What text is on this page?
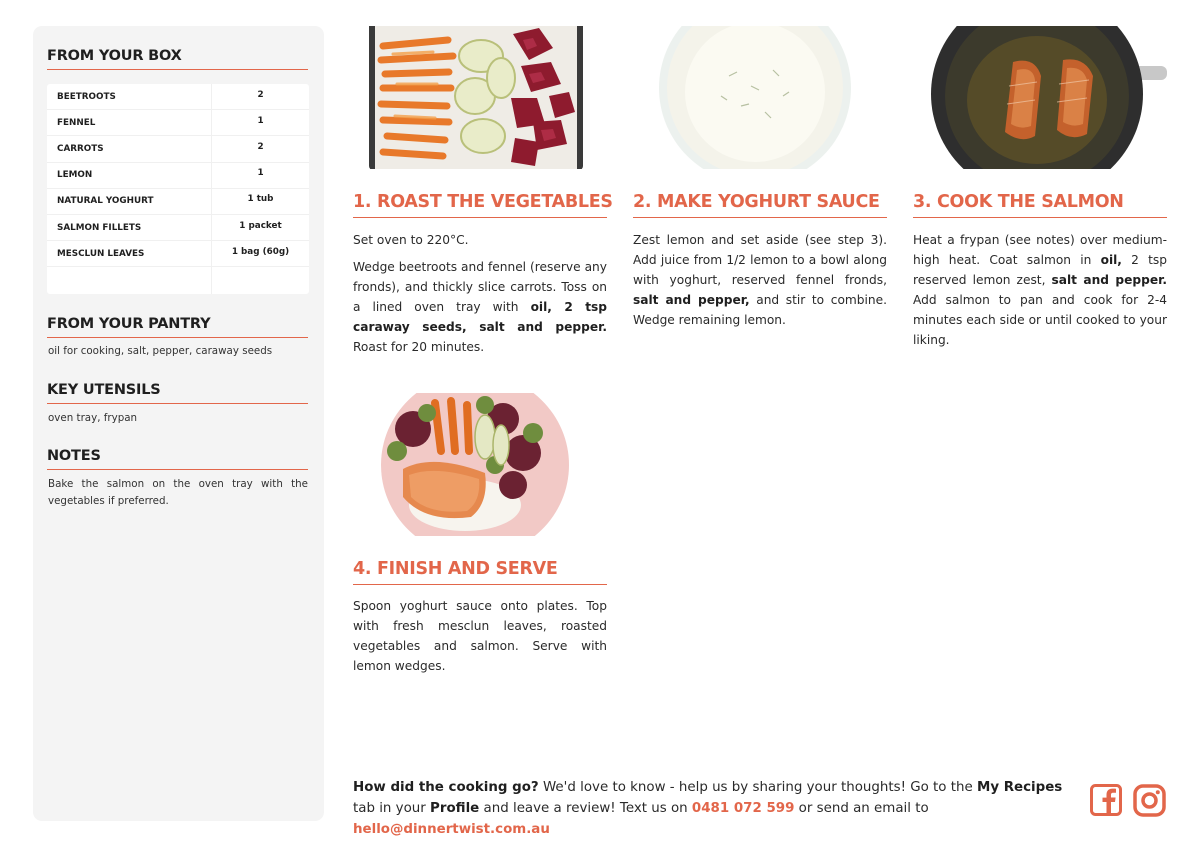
FROM YOUR BOX
BEETROOTS	2
FENNEL	1
CARROTS	2
LEMON	1
NATURAL YOGHURT	1 tub
SALMON FILLETS	1 packet
MESCLUN LEAVES	1 bag (60g)
FROM YOUR PANTRY
oil for cooking, salt, pepper, caraway seeds
KEY UTENSILS
oven tray, frypan
NOTES
Bake the salmon on the oven tray with the vegetables if preferred.
1. ROAST THE VEGETABLES

Set oven to 220°C.

Wedge beetroots and fennel (reserve any fronds), and thickly slice carrots. Toss on a lined oven tray with oil, 2 tsp caraway seeds, salt and pepper. Roast for 20 minutes.

2. MAKE YOGHURT SAUCE

Zest lemon and set aside (see step 3). Add juice from 1/2 lemon to a bowl along with yoghurt, reserved fennel fronds, salt and pepper, and stir to combine. Wedge remaining lemon.

3. COOK THE SALMON

Heat a frypan (see notes) over medium-high heat. Coat salmon in oil, 2 tsp reserved lemon zest, salt and pepper. Add salmon to pan and cook for 2-4 minutes each side or until cooked to your liking.

4. FINISH AND SERVE

Spoon yoghurt sauce onto plates. Top with fresh mesclun leaves, roasted vegetables and salmon. Serve with lemon wedges.

How did the cooking go? We'd love to know - help us by sharing your thoughts! Go to the My Recipes tab in your Profile and leave a review! Text us on 0481 072 599 or send an email to hello@dinnertwist.com.au
